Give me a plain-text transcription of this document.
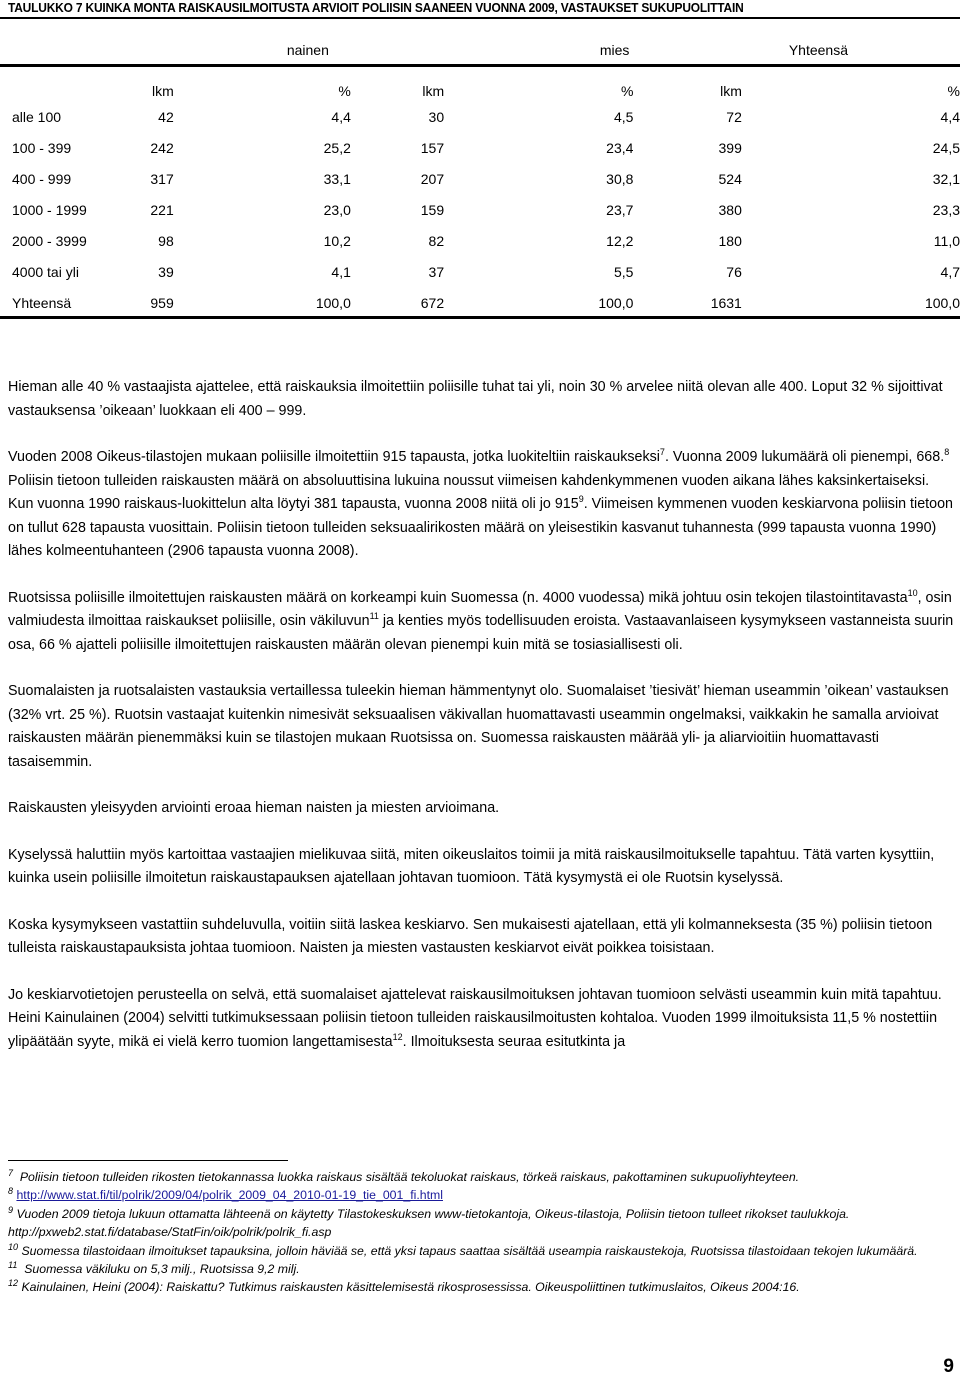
TAULUKKO 7 KUINKA MONTA RAISKAUSILMOITUSTA ARVIOIT POLIISIN SAANEEN VUONNA 2009, VASTAUKSET SUKUPUOLITTAIN
	nainen		mies		Yhteensä	
	lkm	%	lkm	%	lkm	%
alle 100	42	4,4	30	4,5	72	4,4
100 - 399	242	25,2	157	23,4	399	24,5
400 - 999	317	33,1	207	30,8	524	32,1
1000 - 1999	221	23,0	159	23,7	380	23,3
2000 - 3999	98	10,2	82	12,2	180	11,0
4000 tai yli	39	4,1	37	5,5	76	4,7
Yhteensä	959	100,0	672	100,0	1631	100,0

Hieman alle 40 % vastaajista ajattelee, että raiskauksia ilmoitettiin poliisille tuhat tai yli, noin 30 % arvelee niitä olevan alle 400. Loput 32 % sijoittivat vastauksensa ’oikeaan’ luokkaan eli 400 – 999.

Vuoden 2008 Oikeus-tilastojen mukaan poliisille ilmoitettiin 915 tapausta, jotka luokiteltiin raiskaukseksi$^7$. Vuonna 2009 lukumäärä oli pienempi, 668.$^8$ Poliisin tietoon tulleiden raiskausten määrä on absoluuttisina lukuina noussut viimeisen kahdenkymmenen vuoden aikana lähes kaksinkertaiseksi. Kun vuonna 1990 raiskaus-luokittelun alta löytyi 381 tapausta, vuonna 2008 niitä oli jo $915^9$. Viimeisen kymmenen vuoden keskiarvona poliisin tietoon on tullut 628 tapausta vuosittain. Poliisin tietoon tulleiden seksuaalirikosten määrä on yleisestikin kasvanut tuhannesta (999 tapausta vuonna 1990) lähes kolmeentuhanteen (2906 tapausta vuonna 2008).

Ruotsissa poliisille ilmoitettujen raiskausten määrä on korkeampi kuin Suomessa (n. 4000 vuodessa) mikä johtuu osin tekojen tilastointitavasta$^{10}$, osin valmiudesta ilmoittaa raiskaukset poliisille, osin väkiluvun$^{11}$ ja kenties myös todellisuuden eroista. Vastaavanlaiseen kysymykseen vastanneista suurin osa, 66 % ajatteli poliisille ilmoitettujen raiskausten määrän olevan pienempi kuin mitä se tosiasiallisesti oli.

Suomalaisten ja ruotsalaisten vastauksia vertaillessa tuleekin hieman hämmentynyt olo. Suomalaiset ’tiesivät’ hieman useammin ’oikean’ vastauksen (32% vrt. 25 %). Ruotsin vastaajat kuitenkin nimesivät seksuaalisen väkivallan huomattavasti useammin ongelmaksi, vaikkakin he samalla arvioivat raiskausten määrän pienemmäksi kuin se tilastojen mukaan Ruotsissa on. Suomessa raiskausten määrää yli- ja aliarvioitiin huomattavasti tasaisemmin.

Raiskausten yleisyyden arviointi eroaa hieman naisten ja miesten arvioimana.

Kyselyssä haluttiin myös kartoittaa vastaajien mielikuvaa siitä, miten oikeuslaitos toimii ja mitä raiskausilmoitukselle tapahtuu. Tätä varten kysyttiin, kuinka usein poliisille ilmoitetun raiskaustapauksen ajatellaan johtavan tuomioon. Tätä kysymystä ei ole Ruotsin kyselyssä.

Koska kysymykseen vastattiin suhdeluvulla, voitiin siitä laskea keskiarvo. Sen mukaisesti ajatellaan, että yli kolmanneksesta (35 %) poliisin tietoon tulleista raiskaustapauksista johtaa tuomioon. Naisten ja miesten vastausten keskiarvot eivät poikkea toisistaan.

Jo keskiarvotietojen perusteella on selvä, että suomalaiset ajattelevat raiskausilmoituksen johtavan tuomioon selvästi useammin kuin mitä tapahtuu. Heini Kainulainen (2004) selvitti tutkimuksessaan poliisin tietoon tulleiden raiskausilmoitusten kohtaloa. Vuoden 1999 ilmoituksista 11,5 % nostettiin ylipäätään syyte, mikä ei vielä kerro tuomion langettamisesta$^{12}$. Ilmoituksesta seuraa esitutkinta ja

$^7$ Poliisin tietoon tulleiden rikosten tietokannassa luokka raiskaus sisältää tekoluokat raiskaus, törkeä raiskaus, pakottaminen sukupuoliyhteyteen.
$^8$ http://www.stat.fi/til/polrik/2009/04/polrik_2009_04_2010-01-19_tie_001_fi.html
$^9$ Vuoden 2009 tietoja lukuun ottamatta lähteenä on käytetty Tilastokeskuksen www-tietokantoja, Oikeus-tilastoja, Poliisin tietoon tulleet rikokset taulukkoja. http://pxweb2.stat.fi/database/StatFin/oik/polrik/polrik_fi.asp
$^{10}$ Suomessa tilastoidaan ilmoitukset tapauksina, jolloin häviää se, että yksi tapaus saattaa sisältää useampia raiskaustekoja, Ruotsissa tilastoidaan tekojen lukumäärä.
$^{11}$ Suomessa väkiluku on 5,3 milj., Ruotsissa 9,2 milj.
$^{12}$ Kainulainen, Heini (2004): Raiskattu? Tutkimus raiskausten käsittelemisestä rikosprosessissa. Oikeuspoliittinen tutkimuslaitos, Oikeus 2004:16.
9
